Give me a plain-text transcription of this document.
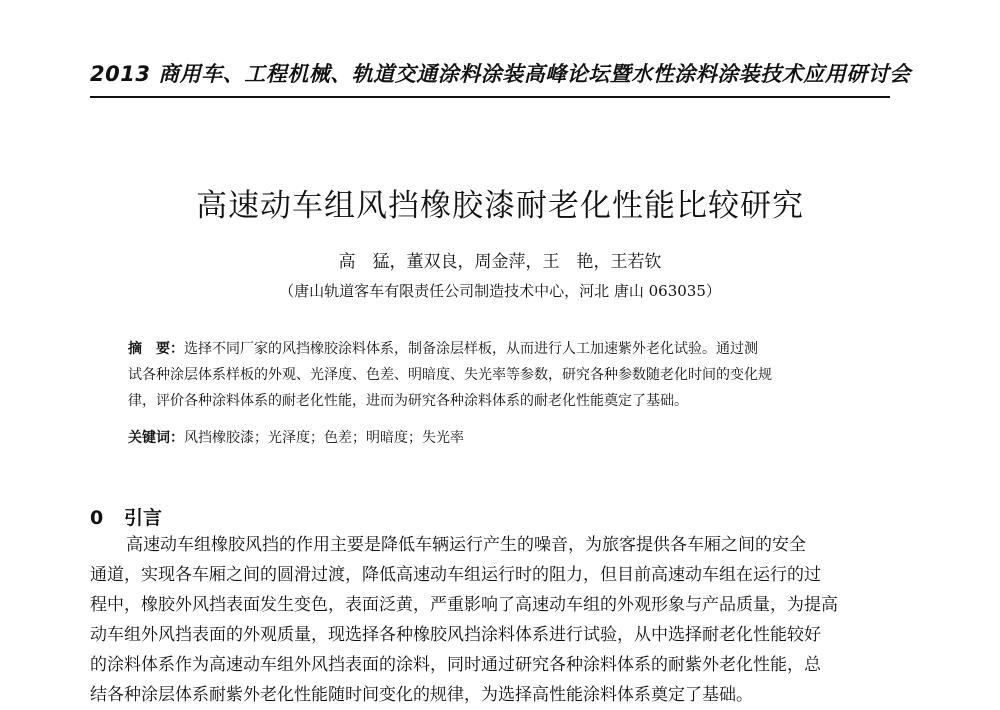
2013 商用车、工程机械、轨道交通涂料涂装高峰论坛暨水性涂料涂装技术应用研讨会
高速动车组风挡橡胶漆耐老化性能比较研究
高　猛，董双良，周金萍，王　艳，王若钦
（唐山轨道客车有限责任公司制造技术中心，河北 唐山 063035）
摘　要：选择不同厂家的风挡橡胶涂料体系，制备涂层样板，从而进行人工加速紫外老化试验。通过测
试各种涂层体系样板的外观、光泽度、色差、明暗度、失光率等参数，研究各种参数随老化时间的变化规
律，评价各种涂料体系的耐老化性能，进而为研究各种涂料体系的耐老化性能奠定了基础。
关键词：风挡橡胶漆；光泽度；色差；明暗度；失光率
0 引言
高速动车组橡胶风挡的作用主要是降低车辆运行产生的噪音，为旅客提供各车厢之间的安全
通道，实现各车厢之间的圆滑过渡，降低高速动车组运行时的阻力，但目前高速动车组在运行的过
程中，橡胶外风挡表面发生变色，表面泛黄，严重影响了高速动车组的外观形象与产品质量，为提高
动车组外风挡表面的外观质量，现选择各种橡胶风挡涂料体系进行试验，从中选择耐老化性能较好
的涂料体系作为高速动车组外风挡表面的涂料，同时通过研究各种涂料体系的耐紫外老化性能，总
结各种涂层体系耐紫外老化性能随时间变化的规律，为选择高性能涂料体系奠定了基础。
